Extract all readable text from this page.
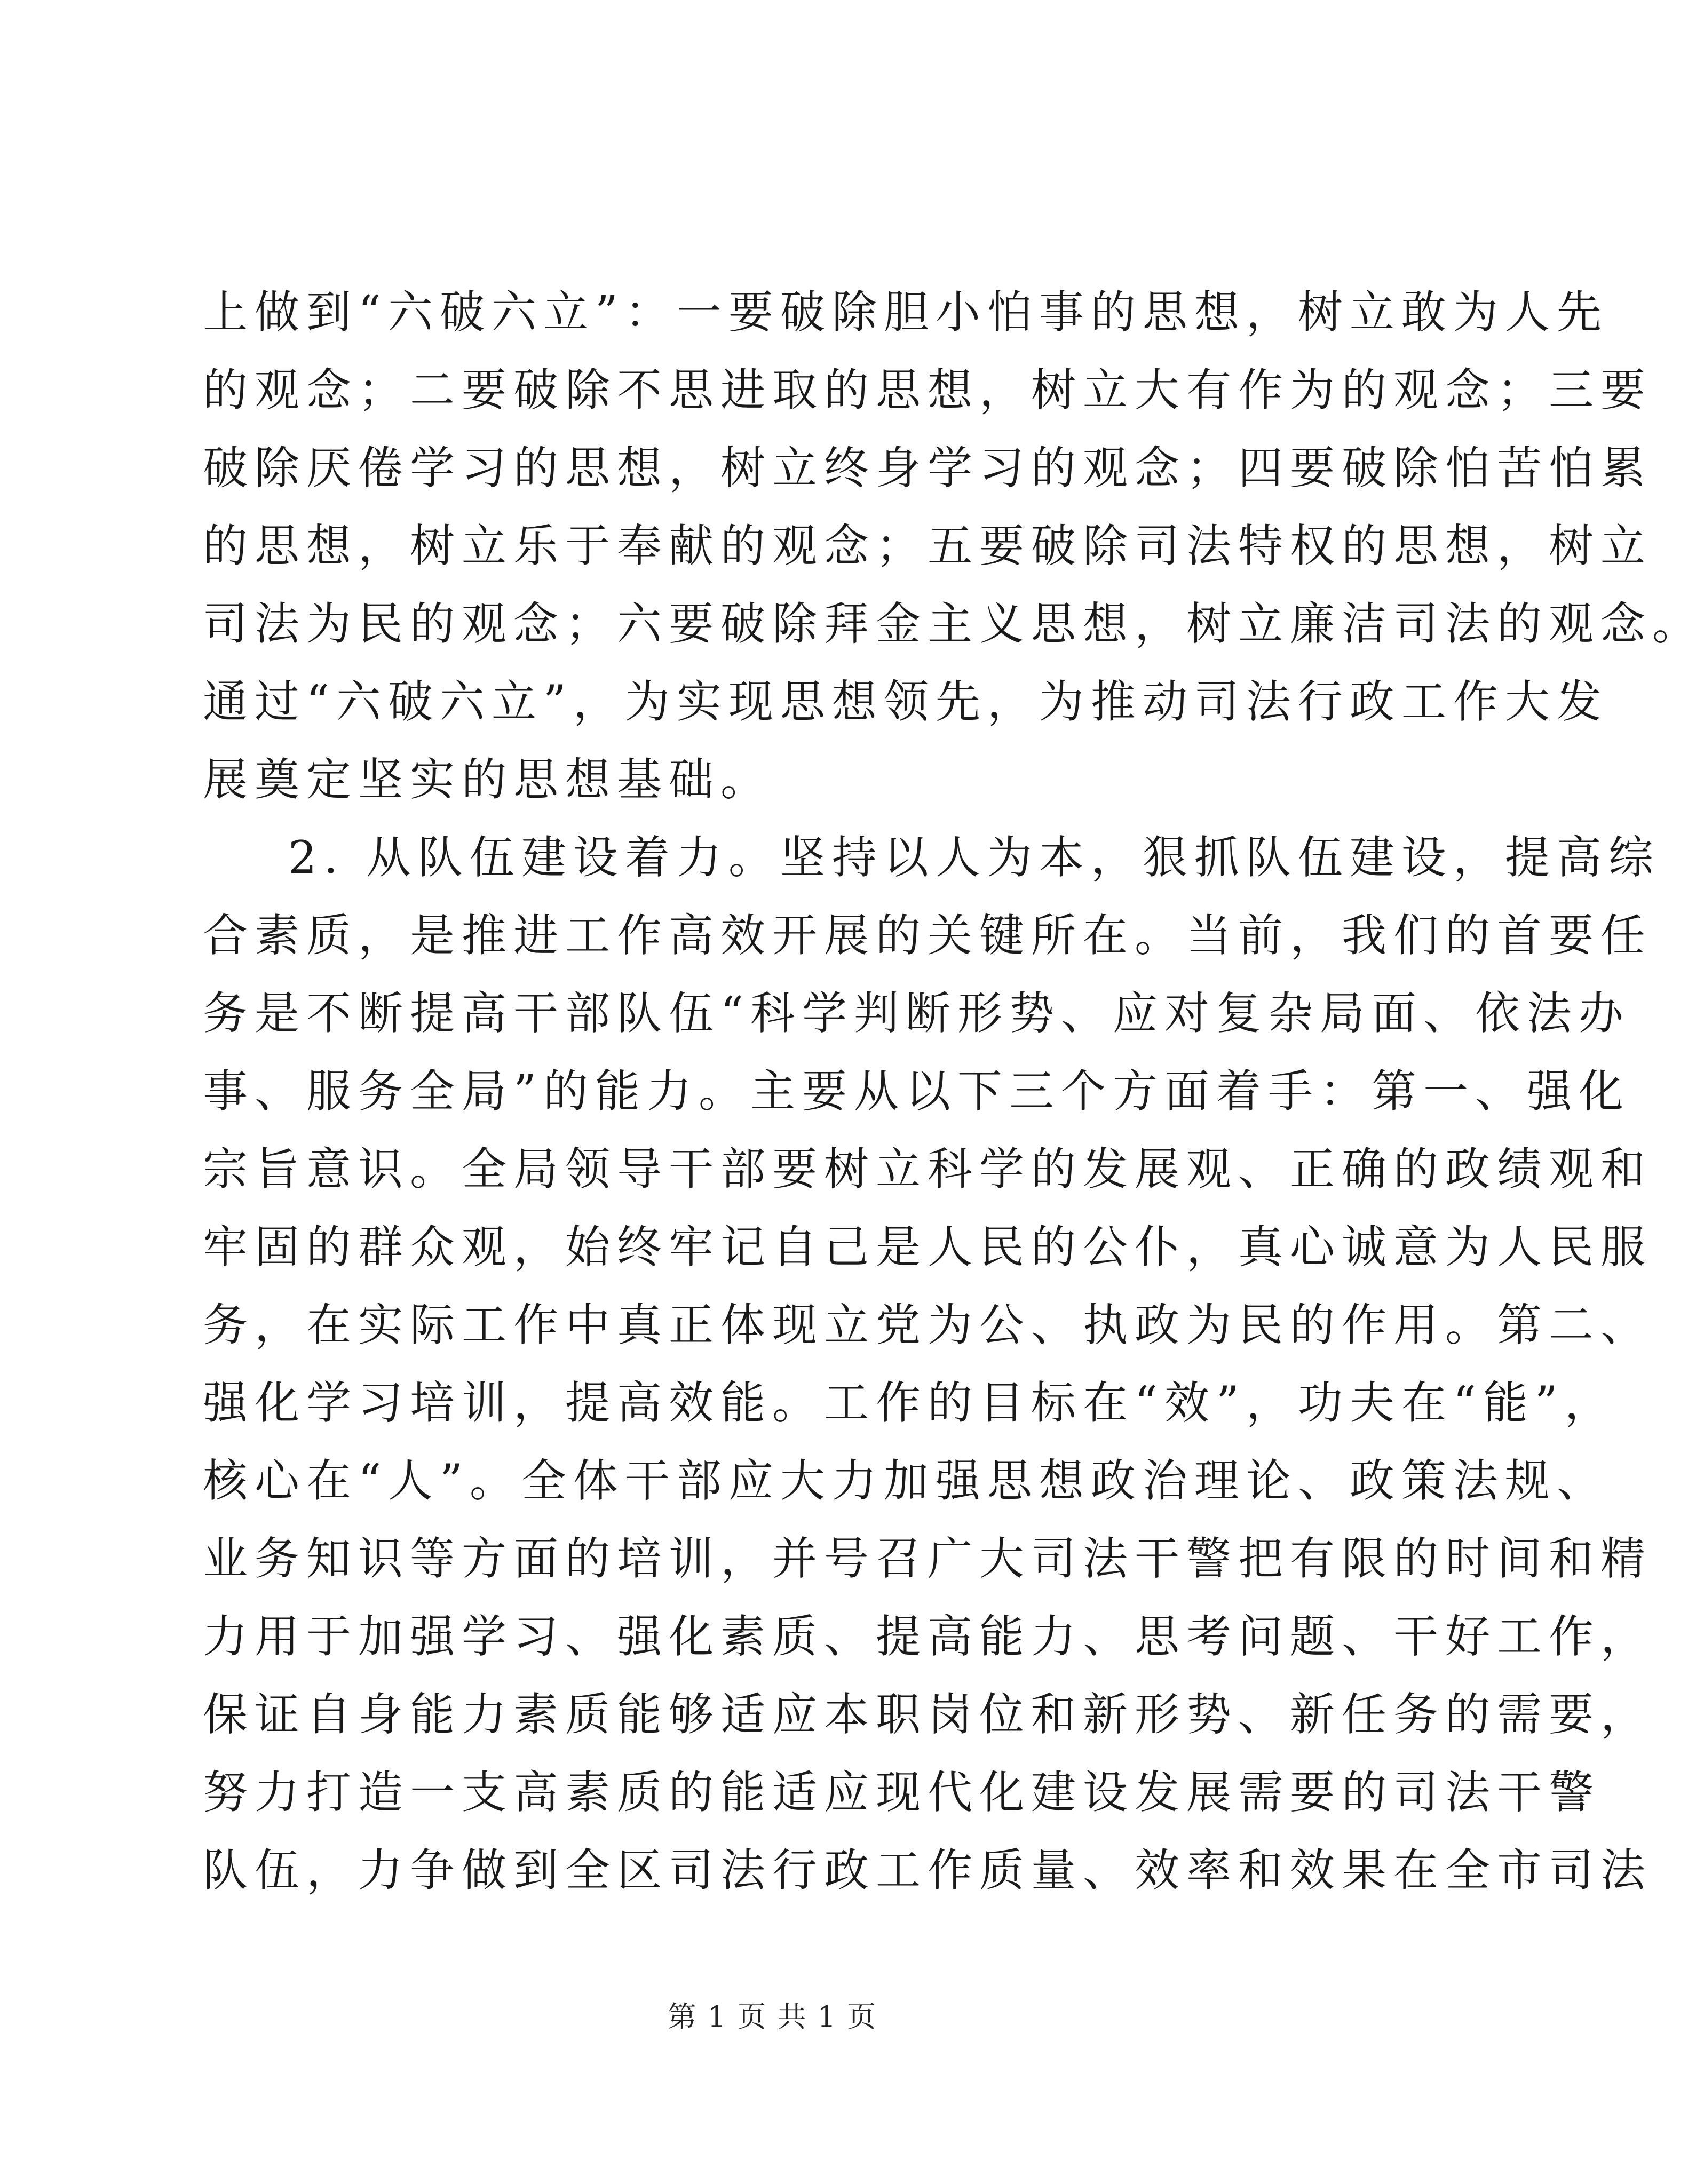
上做到“六破六立”：一要破除胆小怕事的思想，树立敢为人先
的观念；二要破除不思进取的思想，树立大有作为的观念；三要
破除厌倦学习的思想，树立终身学习的观念；四要破除怕苦怕累
的思想，树立乐于奉献的观念；五要破除司法特权的思想，树立
司法为民的观念；六要破除拜金主义思想，树立廉洁司法的观念。
通过“六破六立”，为实现思想领先，为推动司法行政工作大发
展奠定坚实的思想基础。
2. 从队伍建设着力。坚持以人为本，狠抓队伍建设，提高综
合素质，是推进工作高效开展的关键所在。当前，我们的首要任
务是不断提高干部队伍“科学判断形势、应对复杂局面、依法办
事、服务全局”的能力。主要从以下三个方面着手：第一、强化
宗旨意识。全局领导干部要树立科学的发展观、正确的政绩观和
牢固的群众观，始终牢记自己是人民的公仆，真心诚意为人民服
务，在实际工作中真正体现立党为公、执政为民的作用。第二、
强化学习培训，提高效能。工作的目标在“效”，功夫在“能”，
核心在“人”。全体干部应大力加强思想政治理论、政策法规、
业务知识等方面的培训，并号召广大司法干警把有限的时间和精
力用于加强学习、强化素质、提高能力、思考问题、干好工作，
保证自身能力素质能够适应本职岗位和新形势、新任务的需要，
努力打造一支高素质的能适应现代化建设发展需要的司法干警
队伍，力争做到全区司法行政工作质量、效率和效果在全市司法
第 1 页 共 1 页
